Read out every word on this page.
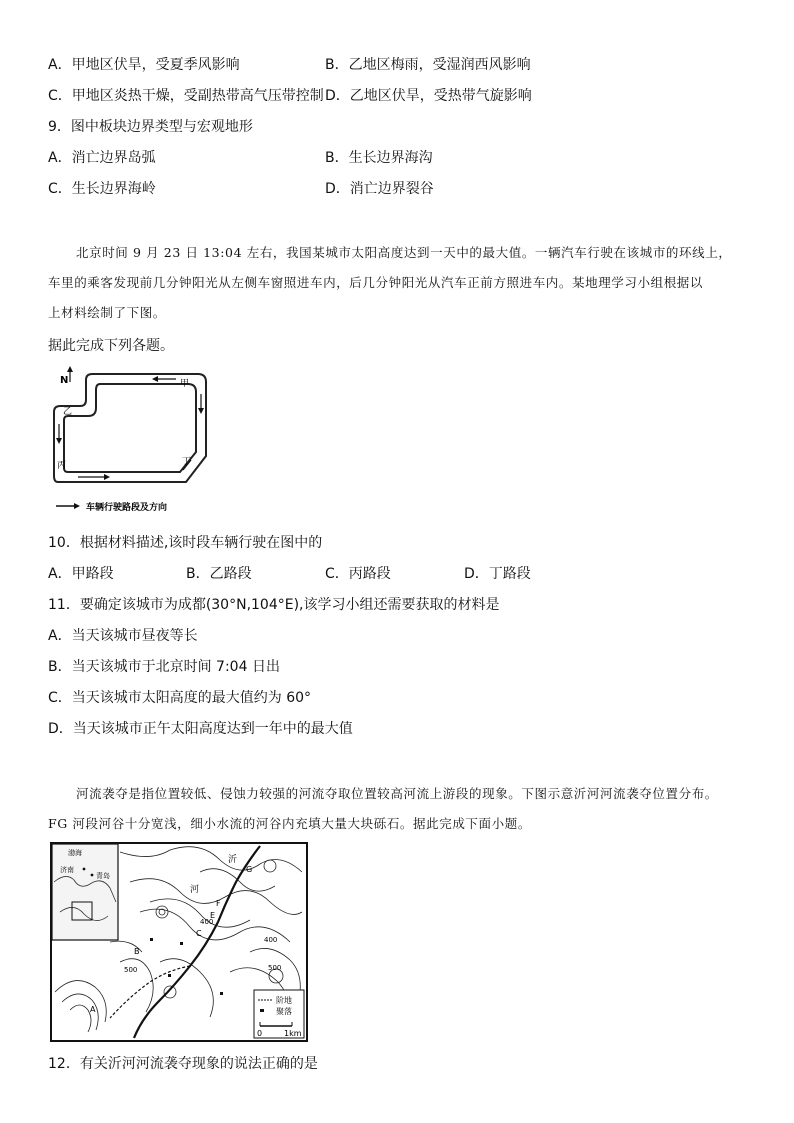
A．甲地区伏旱，受夏季风影响	B．乙地区梅雨，受湿润西风影响
C．甲地区炎热干燥，受副热带高气压带控制 D．乙地区伏旱，受热带气旋影响
9．图中板块边界类型与宏观地形
A．消亡边界岛弧	B．生长边界海沟
C．生长边界海岭	D．消亡边界裂谷
北京时间 9 月 23 日 13:04 左右，我国某城市太阳高度达到一天中的最大值。一辆汽车行驶在该城市的环线上，
车里的乘客发现前几分钟阳光从左侧车窗照进车内，后几分钟阳光从汽车正前方照进车内。某地理学习小组根据以
上材料绘制了下图。
据此完成下列各题。
N	甲
乙
丙	丁
车辆行驶路段及方向
10．根据材料描述,该时段车辆行驶在图中的
A．甲路段	B．乙路段	C．丙路段	D．丁路段
11．要确定该城市为成都(30°N,104°E),该学习小组还需要获取的材料是
A．当天该城市昼夜等长
B．当天该城市于北京时间 7:04 日出
C．当天该城市太阳高度的最大值约为 60°
D．当天该城市正午太阳高度达到一年中的最大值
河流袭夺是指位置较低、侵蚀力较强的河流夺取位置较高河流上游段的现象。下图示意沂河河流袭夺位置分布。
FG 河段河谷十分宽浅，细小水流的河谷内充填大量大块砾石。据此完成下面小题。
渤海
济南
青岛
沂
河
G
F
E
C
B
A
400
500
400
500
阶地
聚落
0	1km
12．有关沂河河流袭夺现象的说法正确的是
